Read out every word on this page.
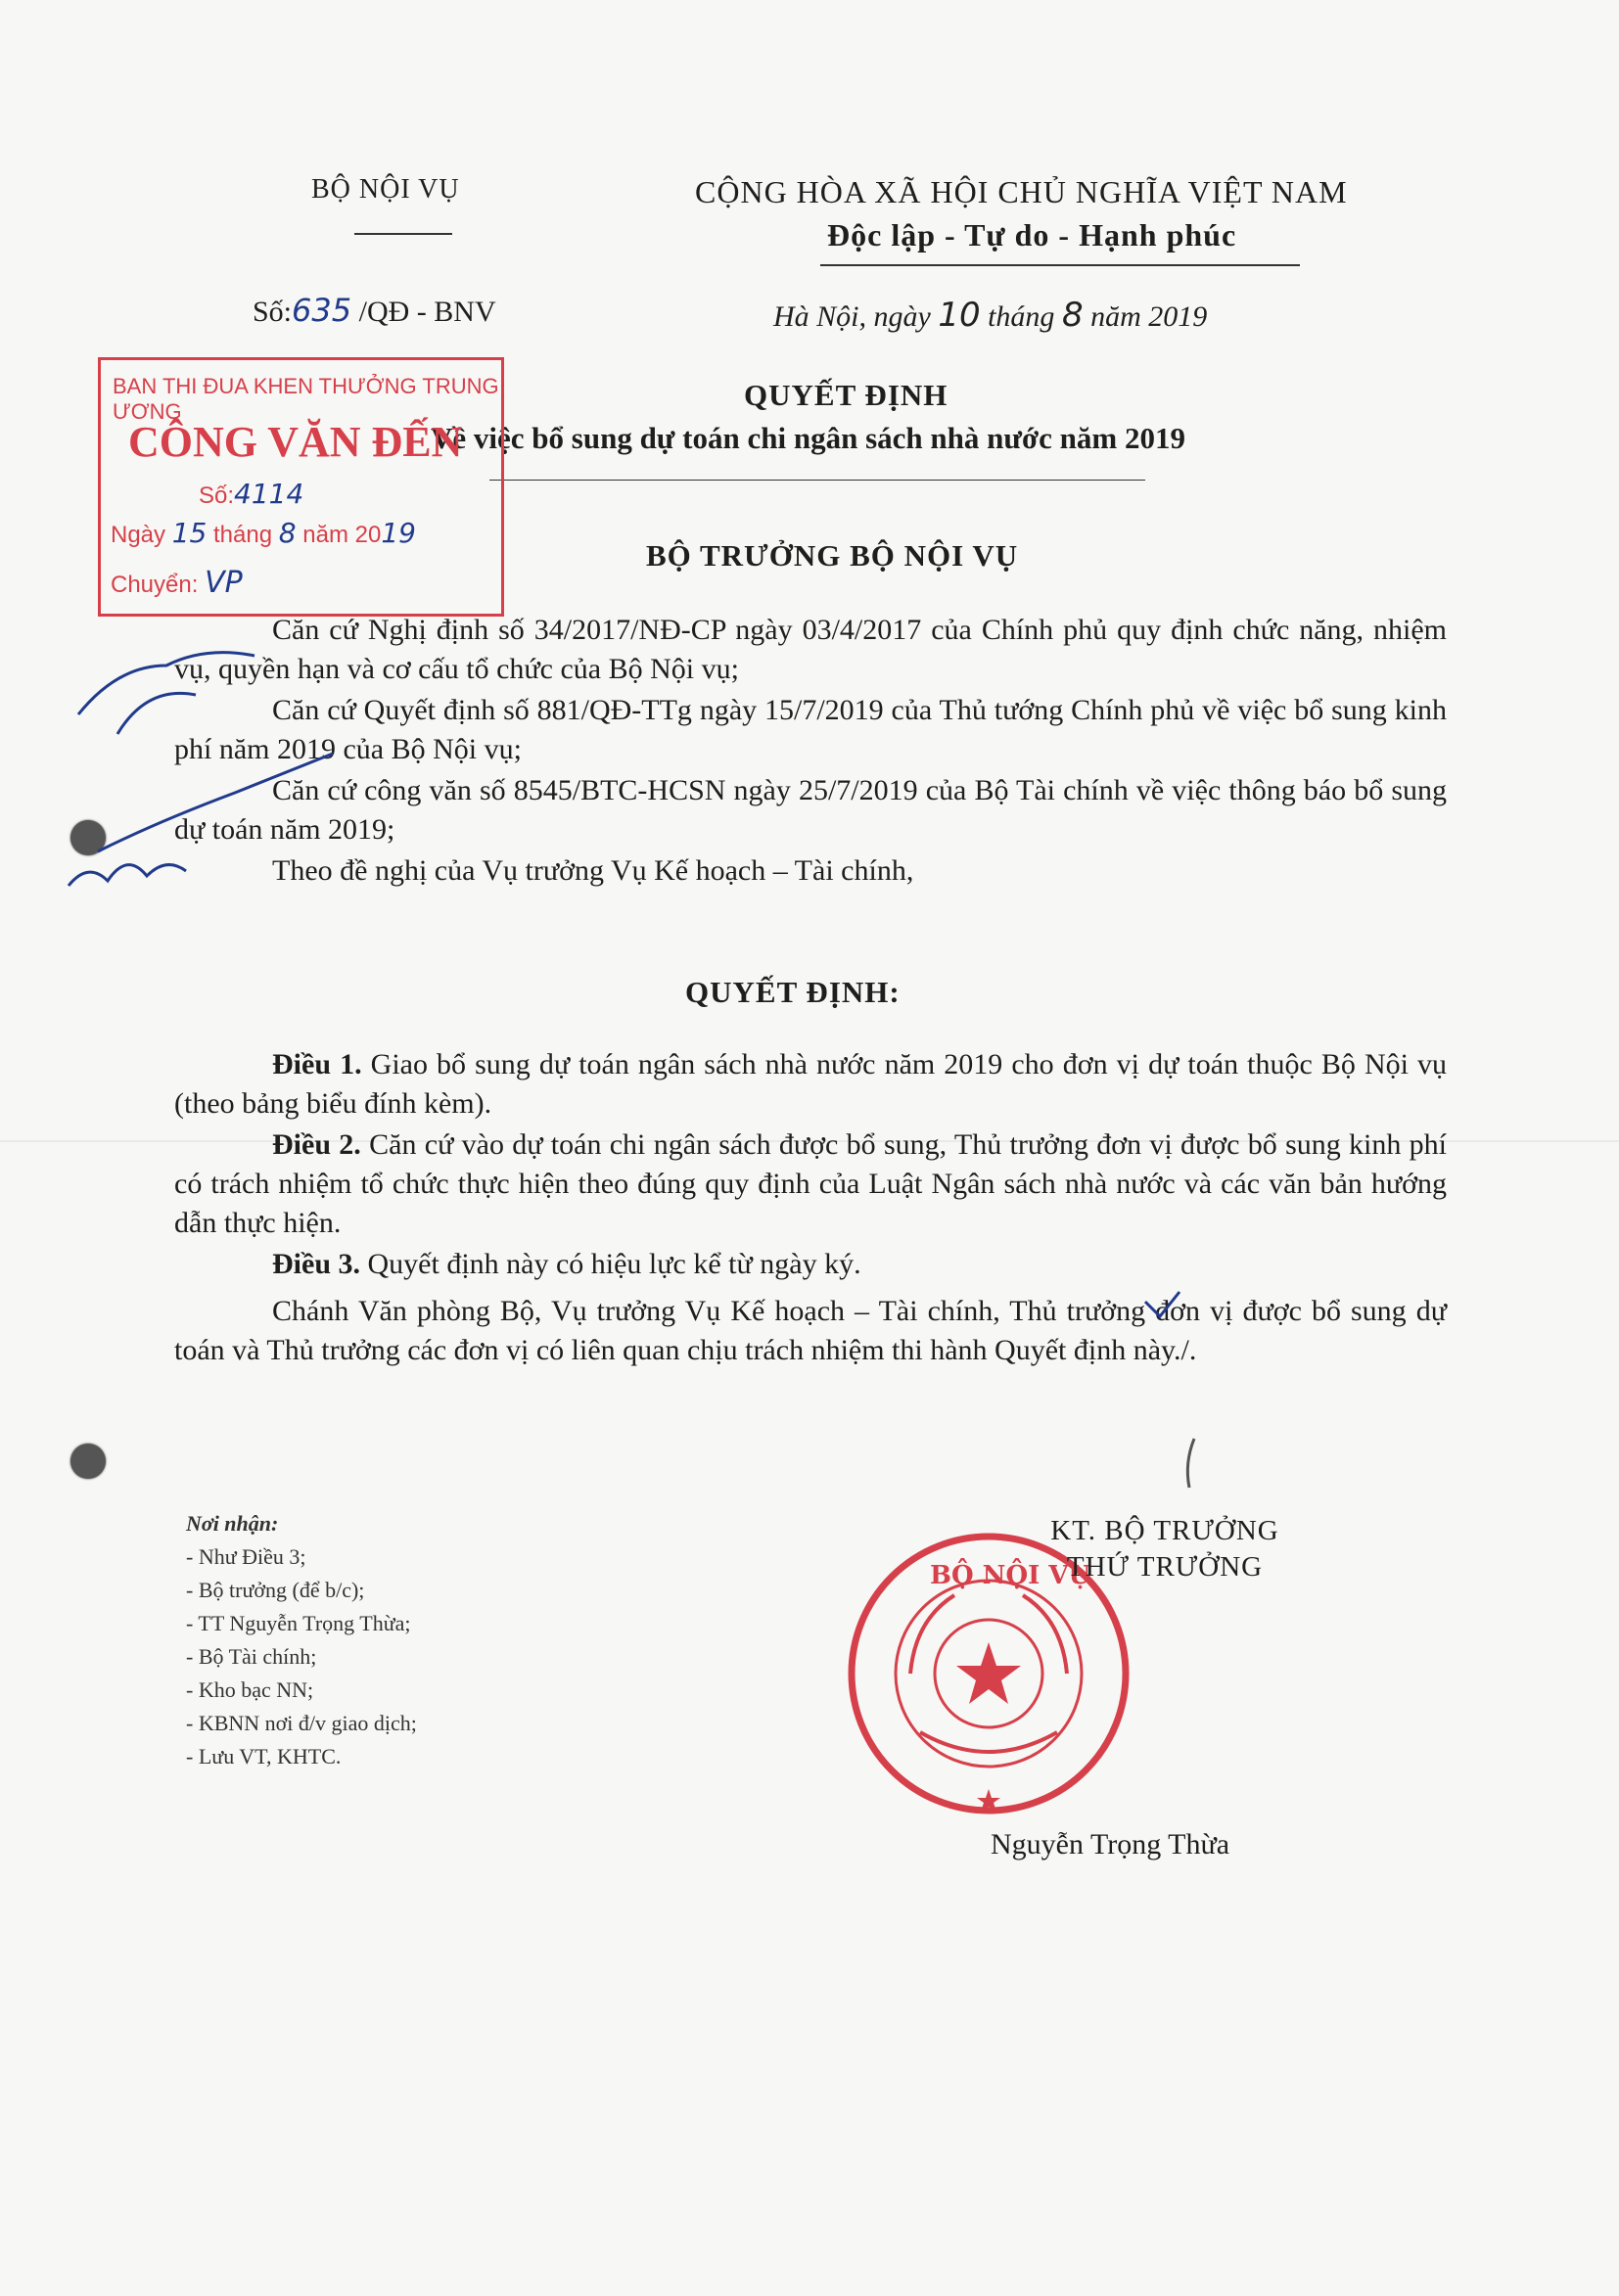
BỘ NỘI VỤ	CỘNG HÒA XÃ HỘI CHỦ NGHĨA VIỆT NAM
Độc lập - Tự do - Hạnh phúc
Số:635 /QĐ - BNV	Hà Nội, ngày 10 tháng 8 năm 2019
QUYẾT ĐỊNH
Về việc bổ sung dự toán chi ngân sách nhà nước năm 2019
BỘ TRƯỞNG BỘ NỘI VỤ

Căn cứ Nghị định số 34/2017/NĐ-CP ngày 03/4/2017 của Chính phủ quy định chức năng, nhiệm vụ, quyền hạn và cơ cấu tổ chức của Bộ Nội vụ;

Căn cứ Quyết định số 881/QĐ-TTg ngày 15/7/2019 của Thủ tướng Chính phủ về việc bổ sung kinh phí năm 2019 của Bộ Nội vụ;

Căn cứ công văn số 8545/BTC-HCSN ngày 25/7/2019 của Bộ Tài chính về việc thông báo bổ sung dự toán năm 2019;

Theo đề nghị của Vụ trưởng Vụ Kế hoạch – Tài chính,

QUYẾT ĐỊNH:

Điều 1. Giao bổ sung dự toán ngân sách nhà nước năm 2019 cho đơn vị dự toán thuộc Bộ Nội vụ (theo bảng biểu đính kèm).

Điều 2. Căn cứ vào dự toán chi ngân sách được bổ sung, Thủ trưởng đơn vị được bổ sung kinh phí có trách nhiệm tổ chức thực hiện theo đúng quy định của Luật Ngân sách nhà nước và các văn bản hướng dẫn thực hiện.

Điều 3. Quyết định này có hiệu lực kể từ ngày ký.

Chánh Văn phòng Bộ, Vụ trưởng Vụ Kế hoạch – Tài chính, Thủ trưởng đơn vị được bổ sung dự toán và Thủ trưởng các đơn vị có liên quan chịu trách nhiệm thi hành Quyết định này./.

Nơi nhận:
- Như Điều 3;
- Bộ trưởng (để b/c);
- TT Nguyễn Trọng Thừa;
- Bộ Tài chính;
- Kho bạc NN;
- KBNN nơi đ/v giao dịch;
- Lưu VT, KHTC.
BỘ NỘI VỤ
KT. BỘ TRƯỞNG
THỨ TRƯỞNG
Nguyễn Trọng Thừa
BAN THI ĐUA KHEN THƯỞNG TRUNG ƯƠNG
CÔNG VĂN ĐẾN
Số:4114
Ngày 15 tháng 8 năm 2019
Chuyển: VP
